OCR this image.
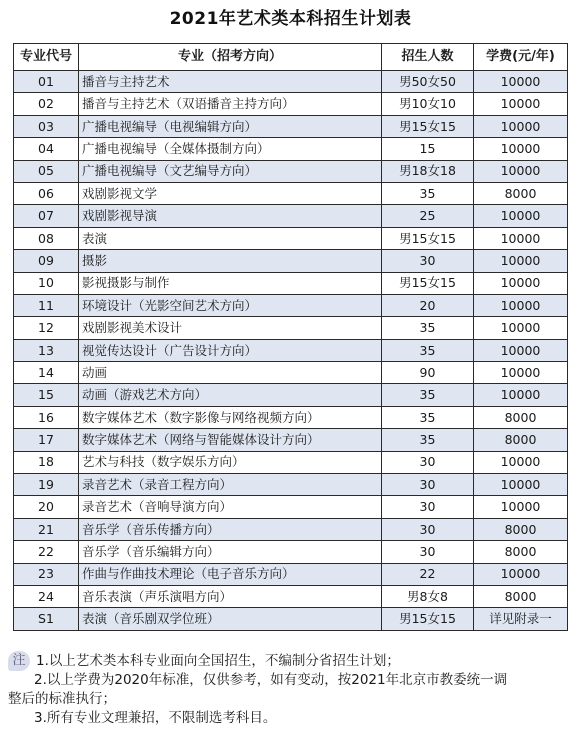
2021年艺术类本科招生计划表
专业代号	专业（招考方向）	招生人数	学费(元/年)
01	播音与主持艺术	男50女50	10000
02	播音与主持艺术（双语播音主持方向）	男10女10	10000
03	广播电视编导（电视编辑方向）	男15女15	10000
04	广播电视编导（全媒体摄制方向）	15	10000
05	广播电视编导（文艺编导方向）	男18女18	10000
06	戏剧影视文学	35	8000
07	戏剧影视导演	25	10000
08	表演	男15女15	10000
09	摄影	30	10000
10	影视摄影与制作	男15女15	10000
11	环境设计（光影空间艺术方向）	20	10000
12	戏剧影视美术设计	35	10000
13	视觉传达设计（广告设计方向）	35	10000
14	动画	90	10000
15	动画（游戏艺术方向）	35	10000
16	数字媒体艺术（数字影像与网络视频方向）	35	8000
17	数字媒体艺术（网络与智能媒体设计方向）	35	8000
18	艺术与科技（数字娱乐方向）	30	10000
19	录音艺术（录音工程方向）	30	10000
20	录音艺术（音响导演方向）	30	10000
21	音乐学（音乐传播方向）	30	8000
22	音乐学（音乐编辑方向）	30	8000
23	作曲与作曲技术理论（电子音乐方向）	22	10000
24	音乐表演（声乐演唱方向）	男8女8	8000
S1	表演（音乐剧双学位班）	男15女15	详见附录一
注 1.以上艺术类本科专业面向全国招生，不编制分省招生计划；
2.以上学费为2020年标准，仅供参考，如有变动，按2021年北京市教委统一调
整后的标准执行；
3.所有专业文理兼招，不限制选考科目。
